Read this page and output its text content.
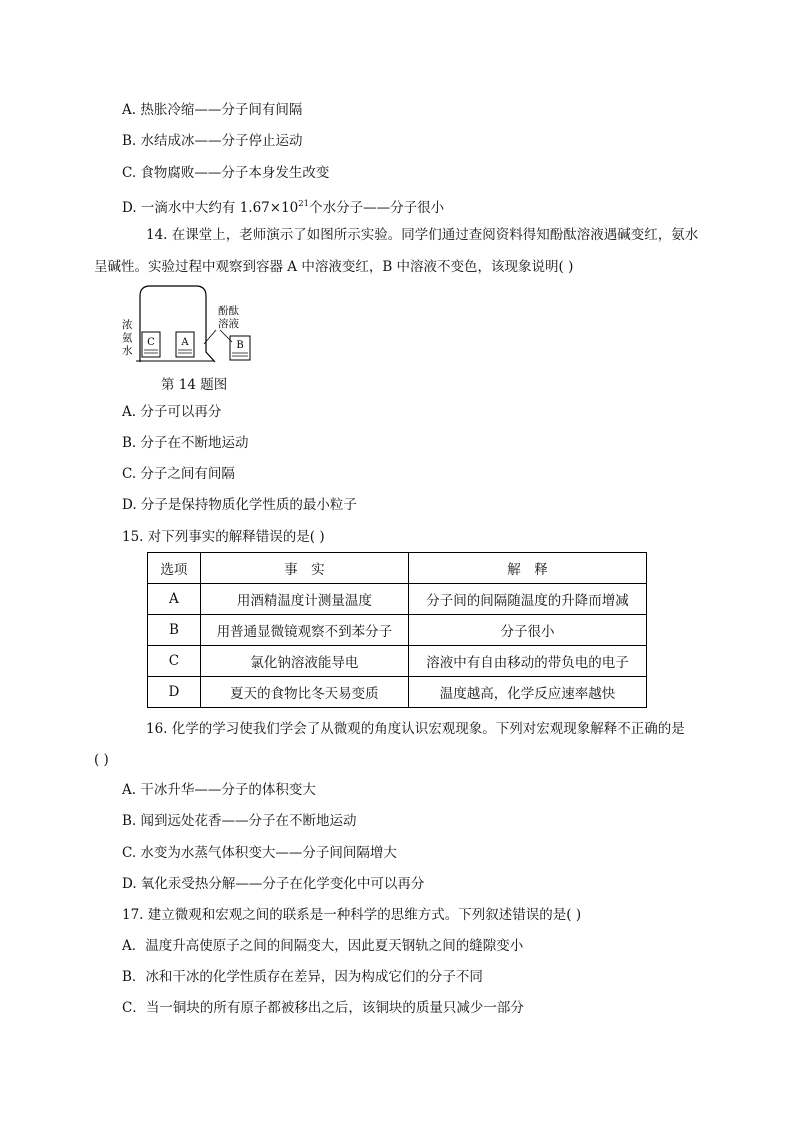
A. 热胀冷缩——分子间有间隔
B. 水结成冰——分子停止运动
C. 食物腐败——分子本身发生改变
D. 一滴水中大约有 $1.67\times 10^{21}$个水分子——分子很小
14. 在课堂上，老师演示了如图所示实验。同学们通过查阅资料得知酚酞溶液遇碱变红，氨水
呈碱性。实验过程中观察到容器 A 中溶液变红，B 中溶液不变色，该现象说明( )
C	A	B
酚酞
溶液
浓
氨
水
第 14 题图
A. 分子可以再分
B. 分子在不断地运动
C. 分子之间有间隔
D. 分子是保持物质化学性质的最小粒子
15. 对下列事实的解释错误的是( )
选项	事　实	解　释
A	用酒精温度计测量温度	分子间的间隔随温度的升降而增减
B	用普通显微镜观察不到苯分子	分子很小
C	氯化钠溶液能导电	溶液中有自由移动的带负电的电子
D	夏天的食物比冬天易变质	温度越高，化学反应速率越快
16. 化学的学习使我们学会了从微观的角度认识宏观现象。下列对宏观现象解释不正确的是
( )
A. 干冰升华——分子的体积变大
B. 闻到远处花香——分子在不断地运动
C. 水变为水蒸气体积变大——分子间间隔增大
D. 氧化汞受热分解——分子在化学变化中可以再分
17. 建立微观和宏观之间的联系是一种科学的思维方式。下列叙述错误的是( )
A．温度升高使原子之间的间隔变大，因此夏天钢轨之间的缝隙变小
B．冰和干冰的化学性质存在差异，因为构成它们的分子不同
C．当一铜块的所有原子都被移出之后，该铜块的质量只减少一部分
